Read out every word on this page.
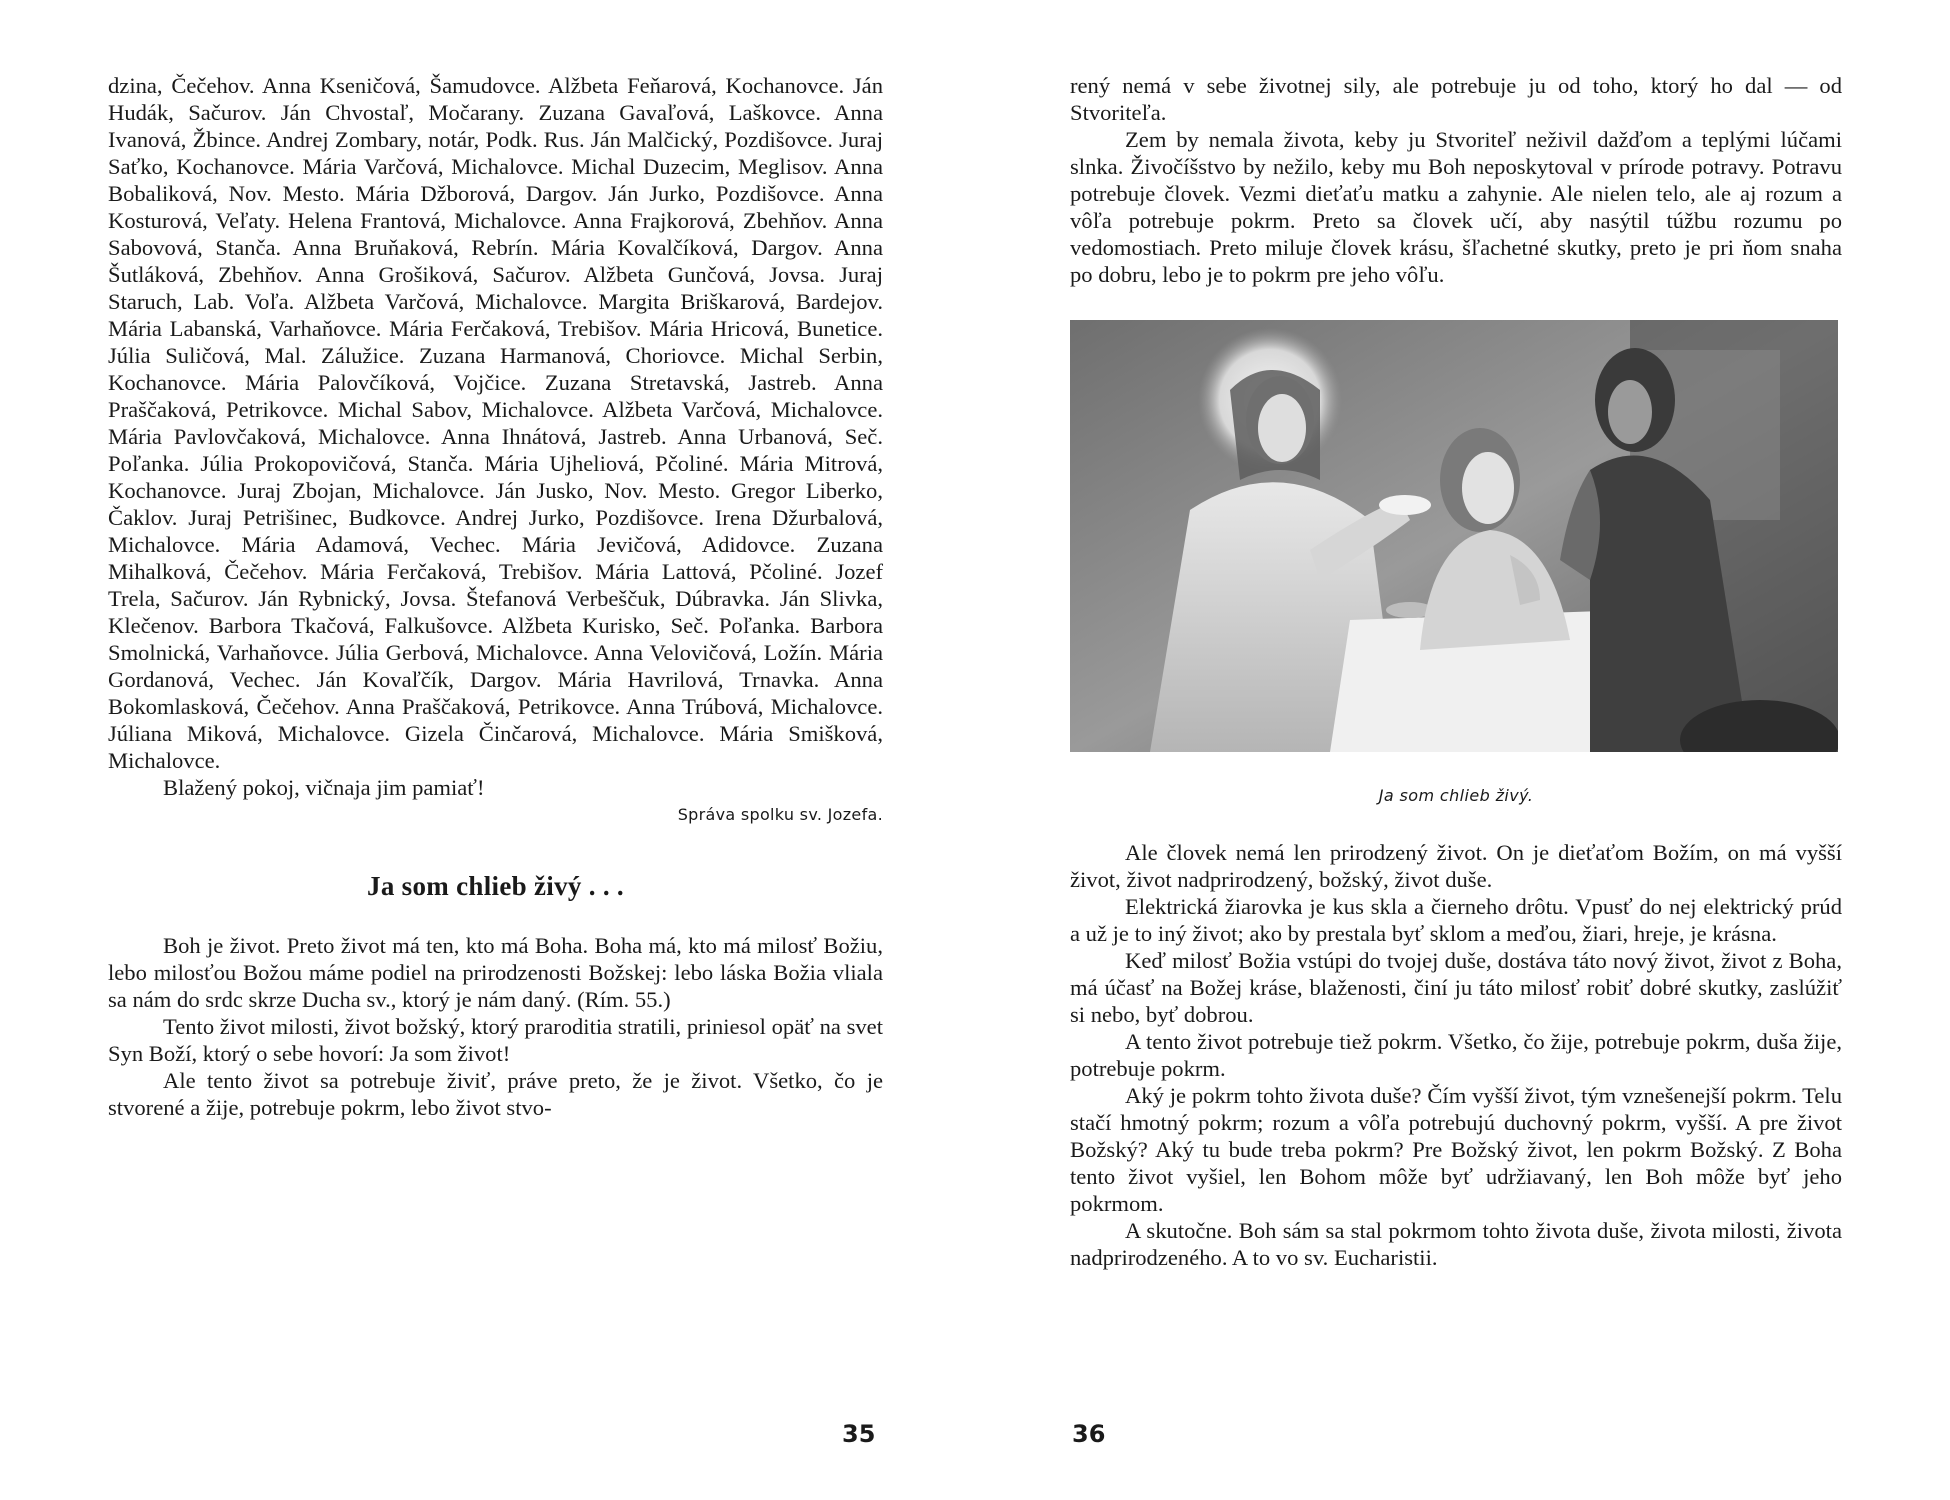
dzina, Čečehov. Anna Kseničová, Šamudovce. Alžbeta Feňarová, Kochanovce. Ján Hudák, Sačurov. Ján Chvostaľ, Močarany. Zuzana Gavaľová, Laškovce. Anna Ivanová, Žbince. Andrej Zombary, notár, Podk. Rus. Ján Malčický, Pozdišovce. Juraj Saťko, Kochanovce. Mária Varčová, Michalovce. Michal Duzecim, Meglisov. Anna Bobaliková, Nov. Mesto. Mária Džborová, Dargov. Ján Jurko, Pozdišovce. Anna Kosturová, Veľaty. Helena Frantová, Michalovce. Anna Frajkorová, Zbehňov. Anna Sabovová, Stanča. Anna Bruňaková, Rebrín. Mária Kovalčíková, Dargov. Anna Šutláková, Zbehňov. Anna Grošiková, Sačurov. Alžbeta Gunčová, Jovsa. Juraj Staruch, Lab. Voľa. Alžbeta Varčová, Michalovce. Margita Briškarová, Bardejov. Mária Labanská, Varhaňovce. Mária Ferčaková, Trebišov. Mária Hricová, Bunetice. Júlia Suličová, Mal. Zálužice. Zuzana Harmanová, Choriovce. Michal Serbin, Kochanovce. Mária Palovčíková, Vojčice. Zuzana Stretavská, Jastreb. Anna Praščaková, Petrikovce. Michal Sabov, Michalovce. Alžbeta Varčová, Michalovce. Mária Pavlovčaková, Michalovce. Anna Ihnátová, Jastreb. Anna Urbanová, Seč. Poľanka. Júlia Prokopovičová, Stanča. Mária Ujheliová, Pčoliné. Mária Mitrová, Kochanovce. Juraj Zbojan, Michalovce. Ján Jusko, Nov. Mesto. Gregor Liberko, Čaklov. Juraj Petrišinec, Budkovce. Andrej Jurko, Pozdišovce. Irena Džurbalová, Michalovce. Mária Adamová, Vechec. Mária Jevičová, Adidovce. Zuzana Mihalková, Čečehov. Mária Ferčaková, Trebišov. Mária Lattová, Pčoliné. Jozef Trela, Sačurov. Ján Rybnický, Jovsa. Štefanová Verbeščuk, Dúbravka. Ján Slivka, Klečenov. Barbora Tkačová, Falkušovce. Alžbeta Kurisko, Seč. Poľanka. Barbora Smolnická, Varhaňovce. Júlia Gerbová, Michalovce. Anna Velovičová, Ložín. Mária Gordanová, Vechec. Ján Kovaľčík, Dargov. Mária Havrilová, Trnavka. Anna Bokomlasková, Čečehov. Anna Praščaková, Petrikovce. Anna Trúbová, Michalovce. Júliana Miková, Michalovce. Gizela Činčarová, Michalovce. Mária Smišková, Michalovce.

Blažený pokoj, vičnaja jim pamiať!

Správa spolku sv. Jozefa.
Ja som chlieb živý . . .

Boh je život. Preto život má ten, kto má Boha. Boha má, kto má milosť Božiu, lebo milosťou Božou máme podiel na prirodzenosti Božskej: lebo láska Božia vliala sa nám do srdc skrze Ducha sv., ktorý je nám daný. (Rím. 55.)

Tento život milosti, život božský, ktorý praroditia stratili, priniesol opäť na svet Syn Boží, ktorý o sebe hovorí: Ja som život!

Ale tento život sa potrebuje živiť, práve preto, že je život. Všetko, čo je stvorené a žije, potrebuje pokrm, lebo život stvo-

rený nemá v sebe životnej sily, ale potrebuje ju od toho, ktorý ho dal — od Stvoriteľa.

Zem by nemala života, keby ju Stvoriteľ neživil dažďom a teplými lúčami slnka. Živočíšstvo by nežilo, keby mu Boh neposkytoval v prírode potravy. Potravu potrebuje človek. Vezmi dieťaťu matku a zahynie. Ale nielen telo, ale aj rozum a vôľa potrebuje pokrm. Preto sa človek učí, aby nasýtil túžbu rozumu po vedomostiach. Preto miluje človek krásu, šľachetné skutky, preto je pri ňom snaha po dobru, lebo je to pokrm pre jeho vôľu.

Ja som chlieb živý.

Ale človek nemá len prirodzený život. On je dieťaťom Božím, on má vyšší život, život nadprirodzený, božský, život duše.

Elektrická žiarovka je kus skla a čierneho drôtu. Vpusť do nej elektrický prúd a už je to iný život; ako by prestala byť sklom a meďou, žiari, hreje, je krásna.

Keď milosť Božia vstúpi do tvojej duše, dostáva táto nový život, život z Boha, má účasť na Božej kráse, blaženosti, činí ju táto milosť robiť dobré skutky, zaslúžiť si nebo, byť dobrou.

A tento život potrebuje tiež pokrm. Všetko, čo žije, potrebuje pokrm, duša žije, potrebuje pokrm.

Aký je pokrm tohto života duše? Čím vyšší život, tým vznešenejší pokrm. Telu stačí hmotný pokrm; rozum a vôľa potrebujú duchovný pokrm, vyšší. A pre život Božský? Aký tu bude treba pokrm? Pre Božský život, len pokrm Božský. Z Boha tento život vyšiel, len Bohom môže byť udržiavaný, len Boh môže byť jeho pokrmom.

A skutočne. Boh sám sa stal pokrmom tohto života duše, života milosti, života nadprirodzeného. A to vo sv. Eucharistii.

35	36
